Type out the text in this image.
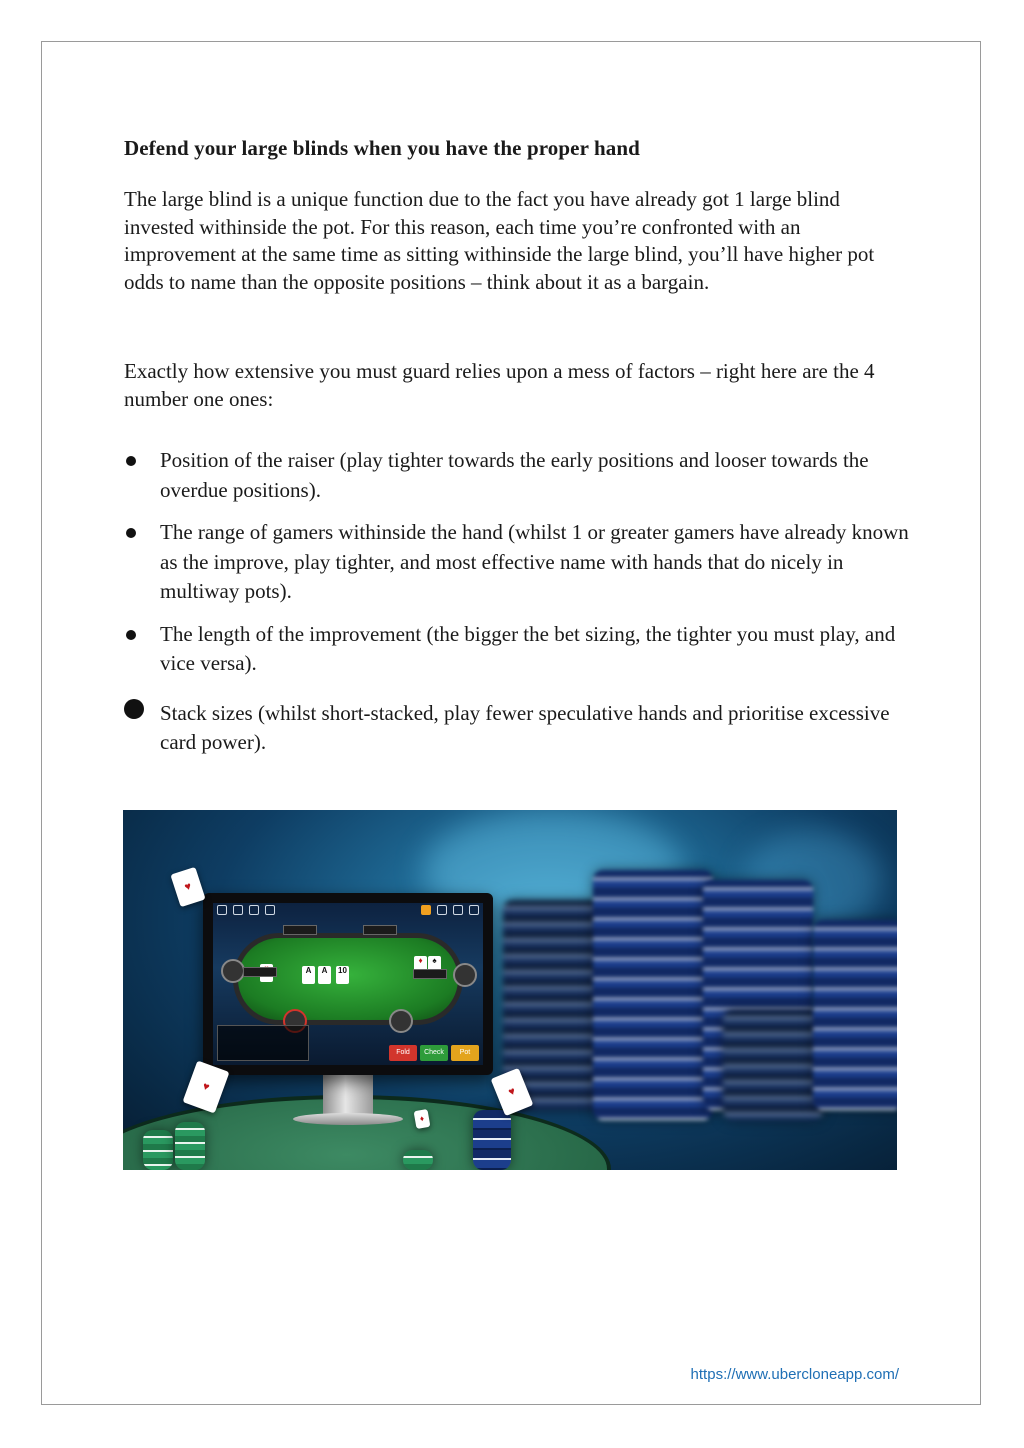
Defend your large blinds when you have the proper hand

The large blind is a unique function due to the fact you have already got 1 large blind invested withinside the pot. For this reason, each time you’re confronted with an improvement at the same time as sitting withinside the large blind, you’ll have higher pot odds to name than the opposite positions – think about it as a bargain.

Exactly how extensive you must guard relies upon a mess of factors – right here are the 4 number one ones:

Position of the raiser (play tighter towards the early positions and looser towards the overdue positions).
The range of gamers withinside the hand (whilst 1 or greater gamers have already known as the improve, play tighter, and most effective name with hands that do nicely in multiway pots).
The length of the improvement (the bigger the bet sizing, the tighter you must play, and vice versa).
Stack sizes (whilst short-stacked, play fewer speculative hands and prioritise excessive card power).
A	A	10
♦	♠
Fold	Check	Pot
♥
♥	♥
♦
https://www.ubercloneapp.com/
